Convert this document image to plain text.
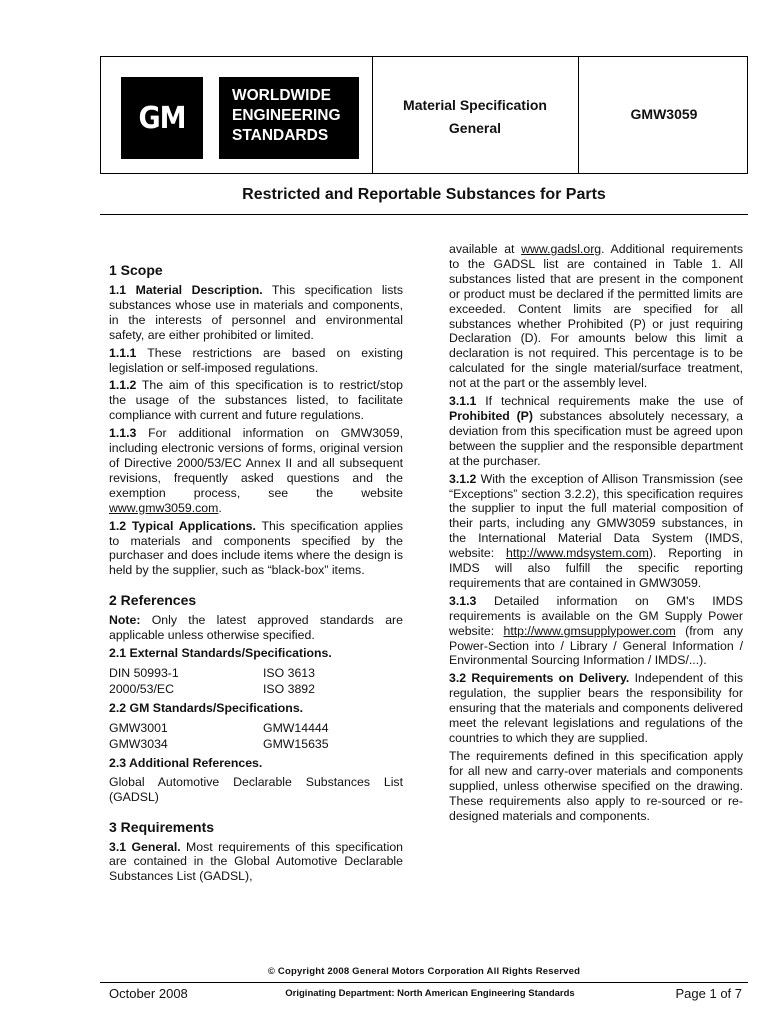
GM
WORLDWIDE
ENGINEERING
STANDARDS
Material Specification
General
GMW3059
Restricted and Reportable Substances for Parts
1 Scope

1.1 Material Description. This specification lists substances whose use in materials and components, in the interests of personnel and environmental safety, are either prohibited or limited.

1.1.1 These restrictions are based on existing legislation or self-imposed regulations.

1.1.2 The aim of this specification is to restrict/stop the usage of the substances listed, to facilitate compliance with current and future regulations.

1.1.3 For additional information on GMW3059, including electronic versions of forms, original version of Directive 2000/53/EC Annex II and all subsequent revisions, frequently asked questions and the exemption process, see the website www.gmw3059.com.

1.2 Typical Applications. This specification applies to materials and components specified by the purchaser and does include items where the design is held by the supplier, such as “black-box” items.

2 References

Note: Only the latest approved standards are applicable unless otherwise specified.

2.1 External Standards/Specifications.
DIN 50993-1	ISO 3613
2000/53/EC	ISO 3892
2.2 GM Standards/Specifications.
GMW3001	GMW14444
GMW3034	GMW15635
2.3 Additional References.

Global Automotive Declarable Substances List (GADSL)

3 Requirements

3.1 General. Most requirements of this specification are contained in the Global Automotive Declarable Substances List (GADSL),

available at www.gadsl.org. Additional requirements to the GADSL list are contained in Table 1. All substances listed that are present in the component or product must be declared if the permitted limits are exceeded. Content limits are specified for all substances whether Prohibited (P) or just requiring Declaration (D). For amounts below this limit a declaration is not required. This percentage is to be calculated for the single material/surface treatment, not at the part or the assembly level.

3.1.1 If technical requirements make the use of Prohibited (P) substances absolutely necessary, a deviation from this specification must be agreed upon between the supplier and the responsible department at the purchaser.

3.1.2 With the exception of Allison Transmission (see “Exceptions” section 3.2.2), this specification requires the supplier to input the full material composition of their parts, including any GMW3059 substances, in the International Material Data System (IMDS, website: http://www.mdsystem.com). Reporting in IMDS will also fulfill the specific reporting requirements that are contained in GMW3059.

3.1.3 Detailed information on GM's IMDS requirements is available on the GM Supply Power website: http://www.gmsupplypower.com (from any Power-Section into / Library / General Information / Environmental Sourcing Information / IMDS/...).

3.2 Requirements on Delivery. Independent of this regulation, the supplier bears the responsibility for ensuring that the materials and components delivered meet the relevant legislations and regulations of the countries to which they are supplied.

The requirements defined in this specification apply for all new and carry-over materials and components supplied, unless otherwise specified on the drawing. These requirements also apply to re-sourced or re-designed materials and components.

© Copyright 2008 General Motors Corporation All Rights Reserved
October 2008	Originating Department: North American Engineering Standards	Page 1 of 7
